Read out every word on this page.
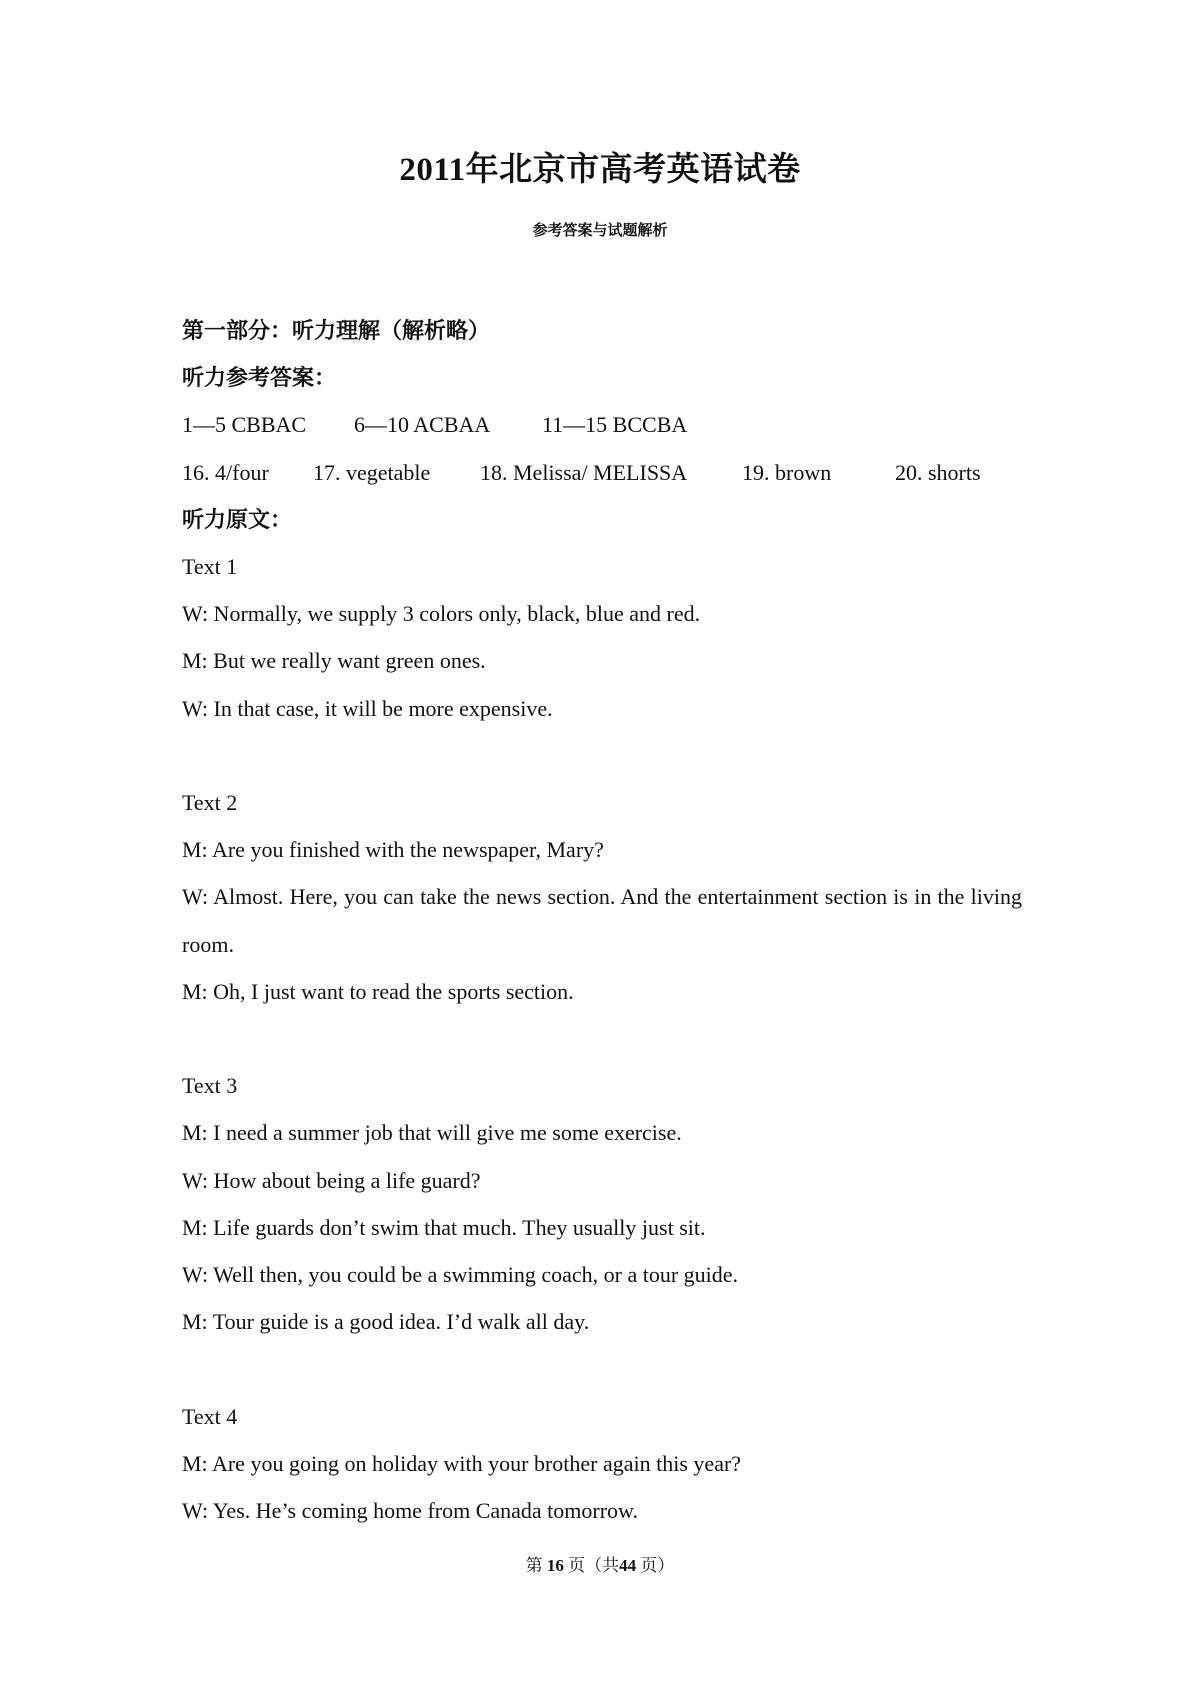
2011年北京市高考英语试卷
参考答案与试题解析
第一部分：听力理解（解析略）
听力参考答案：
1—5 CBBAC 6—10 ACBAA 11—15 BCCBA
16. 4/four 17. vegetable 18. Melissa/ MELISSA 19. brown	20. shorts
听力原文：
Text 1
W: Normally, we supply 3 colors only, black, blue and red.
M: But we really want green ones.
W: In that case, it will be more expensive.
Text 2
M: Are you finished with the newspaper, Mary?
W: Almost. Here, you can take the news section. And the entertainment section is in the living room.
M: Oh, I just want to read the sports section.
Text 3
M: I need a summer job that will give me some exercise.
W: How about being a life guard?
M: Life guards don’t swim that much. They usually just sit.
W: Well then, you could be a swimming coach, or a tour guide.
M: Tour guide is a good idea. I’d walk all day.
Text 4
M: Are you going on holiday with your brother again this year?
W: Yes. He’s coming home from Canada tomorrow.
第 16 页（共44 页）
